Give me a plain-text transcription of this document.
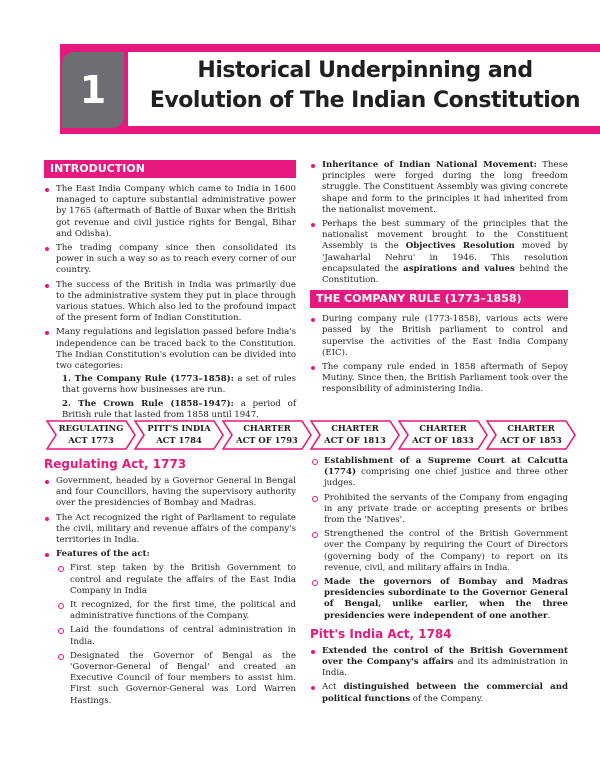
1	Historical Underpinning and
Evolution of The Indian Constitution
INTRODUCTION
The East India Company which came to India in 1600 managed to capture substantial administrative power by 1765 (aftermath of Battle of Buxar when the British got revenue and civil justice rights for Bengal, Bihar and Odisha).
The trading company since then consolidated its power in such a way so as to reach every corner of our country.
The success of the British in India was primarily due to the administrative system they put in place through various statues. Which also led to the profound impact of the present form of Indian Constitution.
Many regulations and legislation passed before India's independence can be traced back to the Constitution. The Indian Constitution's evolution can be divided into two categories:
1. The Company Rule (1773–1858): a set of rules that governs how businesses are run.
2. The Crown Rule (1858–1947): a period of British rule that lasted from 1858 until 1947.
Inheritance of Indian National Movement: These principles were forged during the long freedom struggle. The Constituent Assembly was giving concrete shape and form to the principles it had inherited from the nationalist movement.
Perhaps the best summary of the principles that the nationalist movement brought to the Constituent Assembly is the Objectives Resolution moved by 'Jawaharlal Nehru' in 1946. This resolution encapsulated the aspirations and values behind the Constitution.
THE COMPANY RULE (1773–1858)
During company rule (1773-1858), various acts were passed by the British parliament to control and supervise the activities of the East India Company (EIC).
The company rule ended in 1858 aftermath of Sepoy Mutiny. Since then, the British Parliament took over the responsibility of administering India.
REGULATING
ACT 1773
PITT'S INDIA
ACT 1784
CHARTER
ACT OF 1793
CHARTER
ACT OF 1813
CHARTER
ACT OF 1833
CHARTER
ACT OF 1853
Regulating Act, 1773
Government, headed by a Governor General in Bengal and four Councillors, having the supervisory authority over the presidencies of Bombay and Madras.
The Act recognized the right of Parliament to regulate the civil, military and revenue affairs of the company's territories in India.
Features of the act:
First step taken by the British Government to control and regulate the affairs of the East India Company in India
It recognized, for the first time, the political and administrative functions of the Company.
Laid the foundations of central administration in India.
Designated the Governor of Bengal as the 'Governor-General of Bengal' and created an Executive Council of four members to assist him. First such Governor-General was Lord Warren Hastings.
Establishment of a Supreme Court at Calcutta (1774) comprising one chief justice and three other judges.
Prohibited the servants of the Company from engaging in any private trade or accepting presents or bribes from the 'Natives'.
Strengthened the control of the British Government over the Company by requiring the Court of Directors (governing body of the Company) to report on its revenue, civil, and military affairs in India.
Made the governors of Bombay and Madras presidencies subordinate to the Governor General of Bengal, unlike earlier, when the three presidencies were independent of one another.
Pitt's India Act, 1784
Extended the control of the British Government over the Company's affairs and its administration in India.
Act distinguished between the commercial and political functions of the Company.
